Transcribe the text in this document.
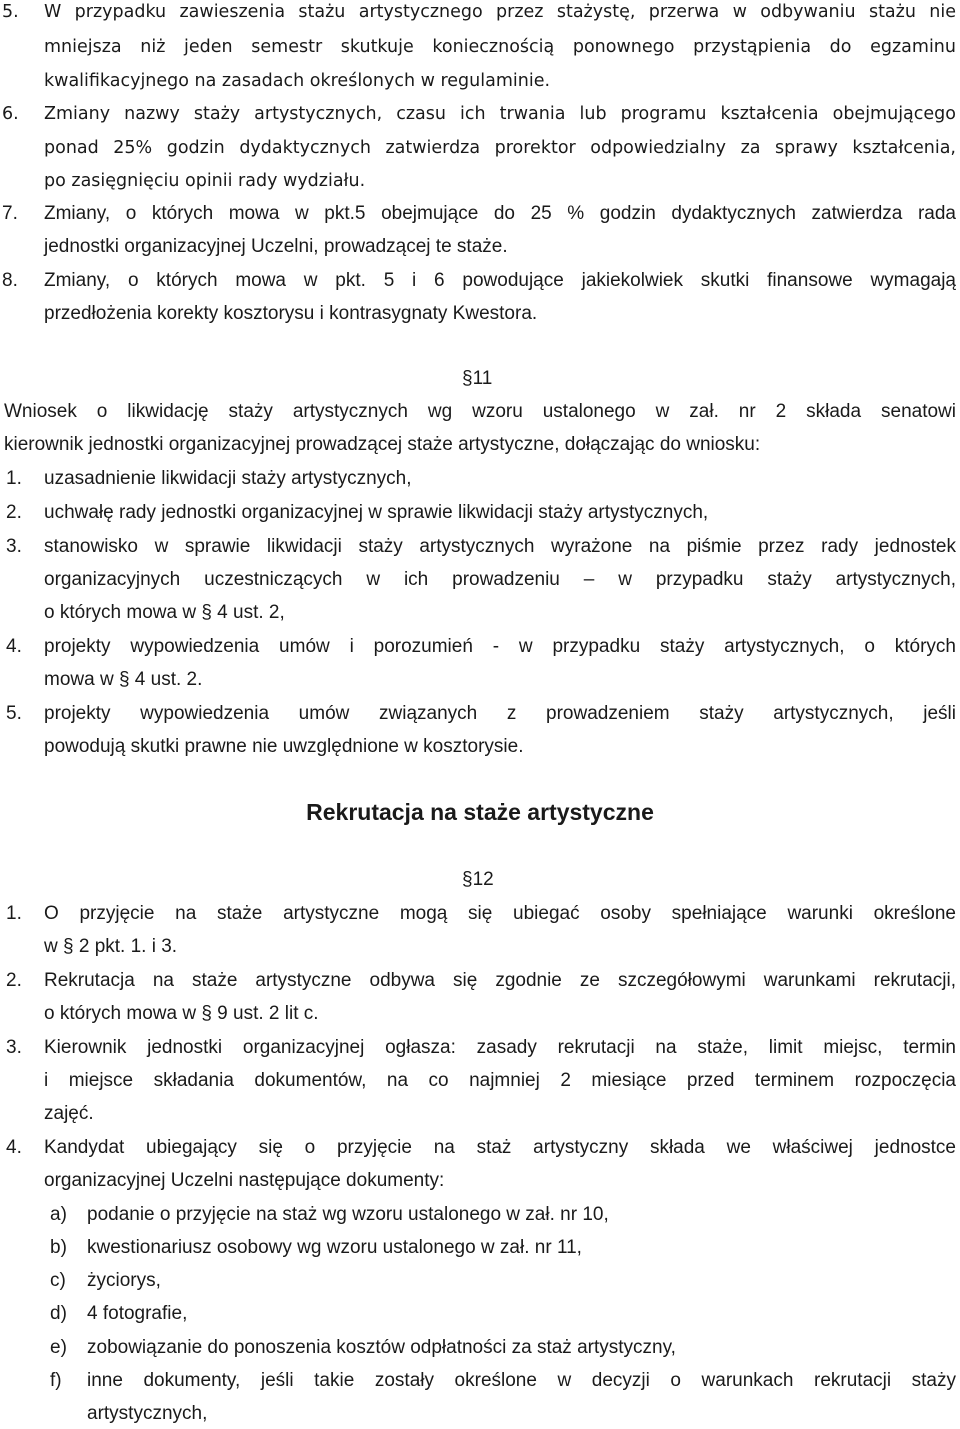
5. W przypadku zawieszenia stażu artystycznego przez stażystę, przerwa w odbywaniu stażu nie
mniejsza niż jeden semestr skutkuje koniecznością ponownego przystąpienia do egzaminu
kwalifikacyjnego na zasadach określonych w regulaminie.
6. Zmiany nazwy staży artystycznych, czasu ich trwania lub programu kształcenia obejmującego
ponad 25% godzin dydaktycznych zatwierdza prorektor odpowiedzialny za sprawy kształcenia,
po zasięgnięciu opinii rady wydziału.
7. Zmiany, o których mowa w pkt.5 obejmujące do 25 % godzin dydaktycznych zatwierdza rada
jednostki organizacyjnej Uczelni, prowadzącej te staże.
8. Zmiany, o których mowa w pkt. 5 i 6 powodujące jakiekolwiek skutki finansowe wymagają
przedłożenia korekty kosztorysu i kontrasygnaty Kwestora.
§11
Wniosek o likwidację staży artystycznych wg wzoru ustalonego w zał. nr 2 składa senatowi
kierownik jednostki organizacyjnej prowadzącej staże artystyczne, dołączając do wniosku:
1. uzasadnienie likwidacji staży artystycznych,
2. uchwałę rady jednostki organizacyjnej w sprawie likwidacji staży artystycznych,
3. stanowisko w sprawie likwidacji staży artystycznych wyrażone na piśmie przez rady jednostek
organizacyjnych uczestniczących w ich prowadzeniu – w przypadku staży artystycznych,
o których mowa w § 4 ust. 2,
4. projekty wypowiedzenia umów i porozumień - w przypadku staży artystycznych, o których
mowa w § 4 ust. 2.
5. projekty wypowiedzenia umów związanych z prowadzeniem staży artystycznych, jeśli
powodują skutki prawne nie uwzględnione w kosztorysie.
Rekrutacja na staże artystyczne
§12
1. O przyjęcie na staże artystyczne mogą się ubiegać osoby spełniające warunki określone
w § 2 pkt. 1. i 3.
2. Rekrutacja na staże artystyczne odbywa się zgodnie ze szczegółowymi warunkami rekrutacji,
o których mowa w § 9 ust. 2 lit c.
3. Kierownik jednostki organizacyjnej ogłasza: zasady rekrutacji na staże, limit miejsc, termin
i miejsce składania dokumentów, na co najmniej 2 miesiące przed terminem rozpoczęcia
zajęć.
4. Kandydat ubiegający się o przyjęcie na staż artystyczny składa we właściwej jednostce
organizacyjnej Uczelni następujące dokumenty:
a) podanie o przyjęcie na staż wg wzoru ustalonego w zał. nr 10,
b) kwestionariusz osobowy wg wzoru ustalonego w zał. nr 11,
c) życiorys,
d) 4 fotografie,
e) zobowiązanie do ponoszenia kosztów odpłatności za staż artystyczny,
f) inne dokumenty, jeśli takie zostały określone w decyzji o warunkach rekrutacji staży
artystycznych,
